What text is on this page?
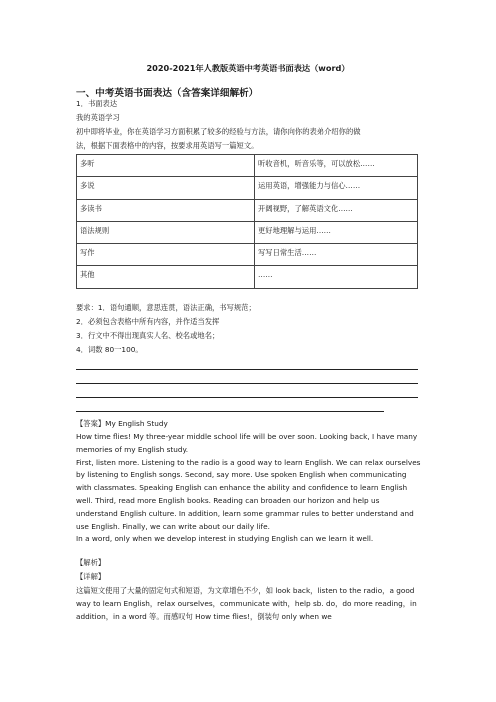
2020-2021年人教版英语中考英语书面表达（word）
一、中考英语书面表达（含答案详细解析）
1．书面表达
我的英语学习
初中即将毕业，你在英语学习方面积累了较多的经验与方法，请你向你的表弟介绍你的做
法，根据下面表格中的内容，按要求用英语写一篇短文。
多听	听收音机，听音乐等，可以放松……
多说	运用英语，增强能力与信心……
多读书	开阔视野，了解英语文化……
语法规则	更好地理解与运用……
写作	写写日常生活……
其他	……
要求：1．语句通顺，意思连贯，语法正确，书写规范；
2．必须包含表格中所有内容，并作适当发挥
3．行文中不得出现真实人名、校名或地名；
4．词数 80一100。
【答案】My English Study

How time flies! My three-year middle school life will be over soon. Looking back, I have many memories of my English study.

First, listen more. Listening to the radio is a good way to learn English. We can relax ourselves by listening to English songs. Second, say more. Use spoken English when communicating with classmates. Speaking English can enhance the ability and confidence to learn English well. Third, read more English books. Reading can broaden our horizon and help us understand English culture. In addition, learn some grammar rules to better understand and use English. Finally, we can write about our daily life.

In a word, only when we develop interest in studying English can we learn it well.

【解析】
【详解】
这篇短文使用了大量的固定句式和短语，为文章增色不少，如 look back，listen to the radio，a good way to learn English，relax ourselves，communicate with，help sb. do，do more reading，in addition，in a word 等。而感叹句 How time flies!，倒装句 only when we
